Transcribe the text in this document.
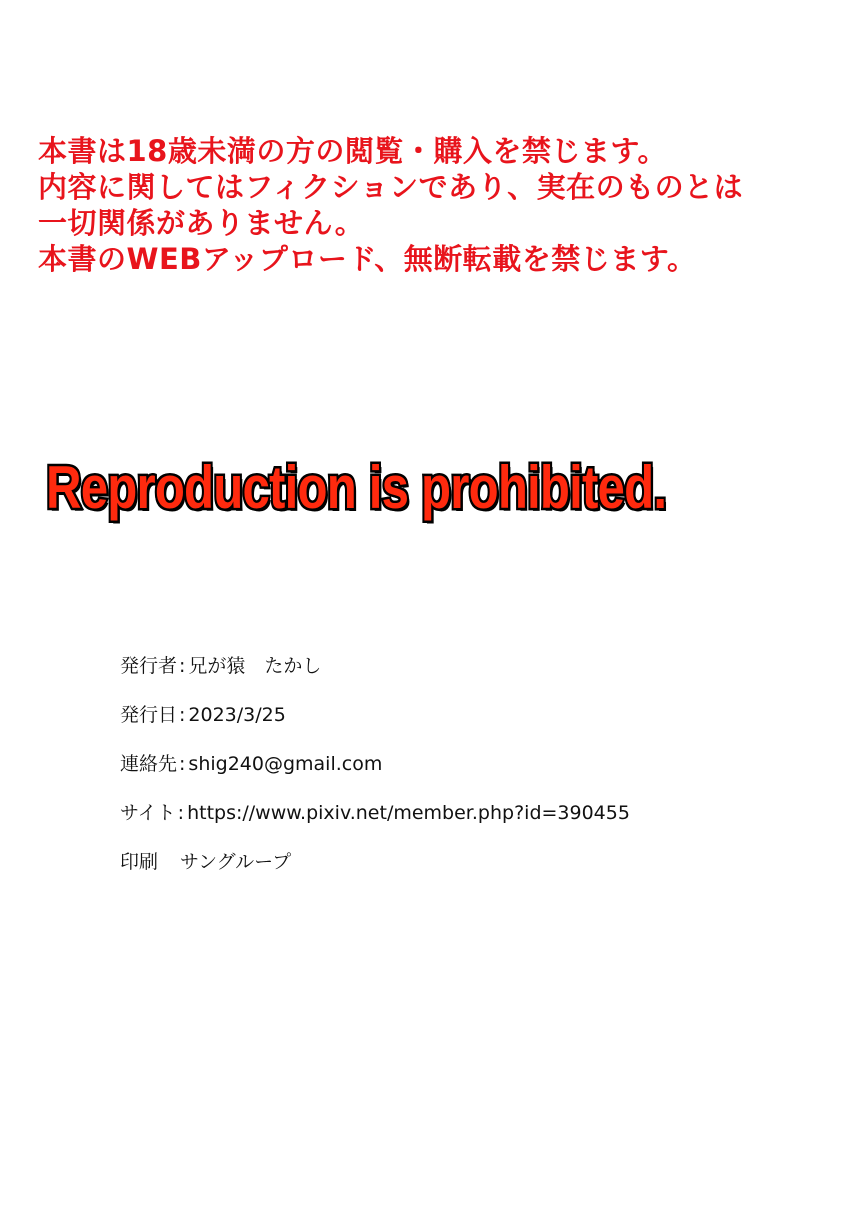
本書は18歳未満の方の閲覧・購入を禁じます。
内容に関してはフィクションであり、実在のものとは
一切関係がありません。
本書のWEBアップロード、無断転載を禁じます。
Reproduction is prohibited.
発行者 : 兄が猿　たかし
発行日 : 2023/3/25
連絡先 : shig240@gmail.com
サイト : https://www.pixiv.net/member.php?id=390455
印刷 サングループ
